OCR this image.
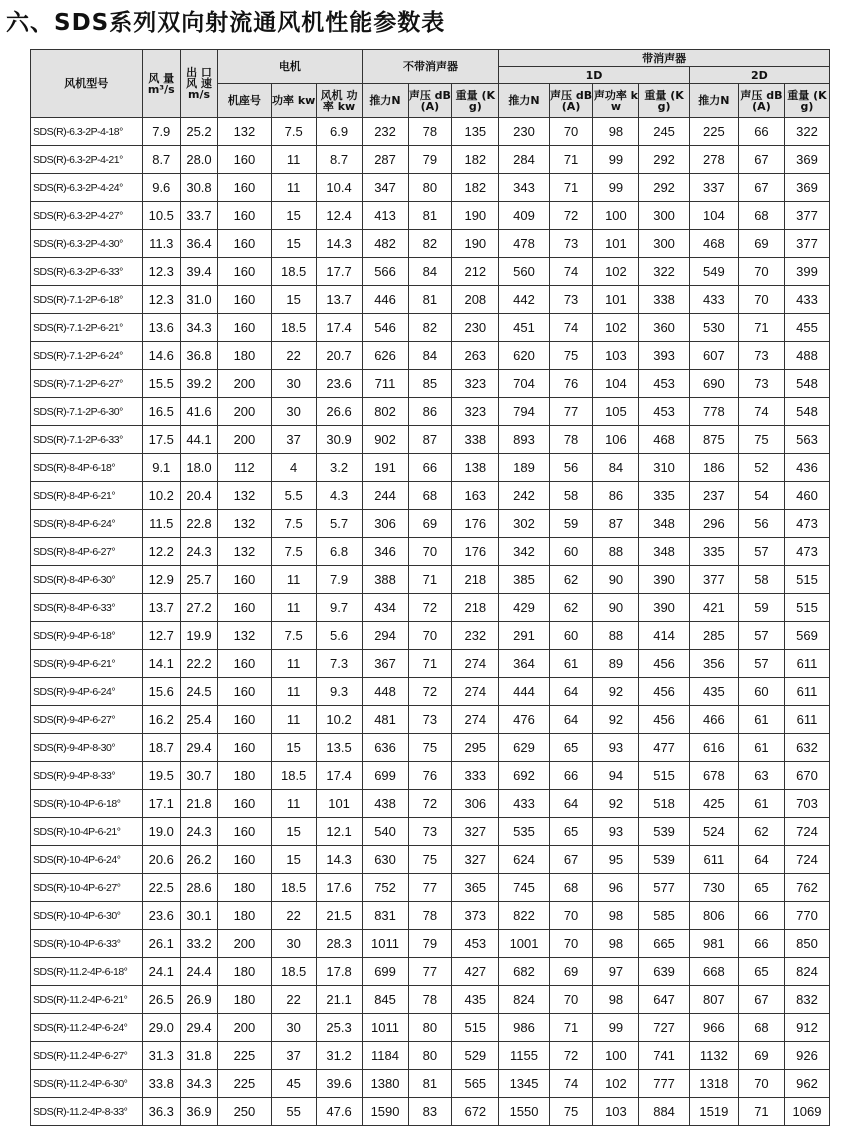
六、SDS系列双向射流通风机性能参数表
风机型号	风 量 m³/s	出 口 风 速 m/s	电机			不带消声器			带消声器						
									1D				2D		
			机座号	功率 kw	风机 功率 kw	推力N	声压 dB(A)	重量 (Kg)	推力N	声压 dB(A)	声功率 kw	重量 (Kg)	推力N	声压 dB(A)	重量 (Kg)
SDS(R)-6.3-2P-4-18°	7.9	25.2	132	7.5	6.9	232	78	135	230	70	98	245	225	66	322
SDS(R)-6.3-2P-4-21°	8.7	28.0	160	11	8.7	287	79	182	284	71	99	292	278	67	369
SDS(R)-6.3-2P-4-24°	9.6	30.8	160	11	10.4	347	80	182	343	71	99	292	337	67	369
SDS(R)-6.3-2P-4-27°	10.5	33.7	160	15	12.4	413	81	190	409	72	100	300	104	68	377
SDS(R)-6.3-2P-4-30°	11.3	36.4	160	15	14.3	482	82	190	478	73	101	300	468	69	377
SDS(R)-6.3-2P-6-33°	12.3	39.4	160	18.5	17.7	566	84	212	560	74	102	322	549	70	399
SDS(R)-7.1-2P-6-18°	12.3	31.0	160	15	13.7	446	81	208	442	73	101	338	433	70	433
SDS(R)-7.1-2P-6-21°	13.6	34.3	160	18.5	17.4	546	82	230	451	74	102	360	530	71	455
SDS(R)-7.1-2P-6-24°	14.6	36.8	180	22	20.7	626	84	263	620	75	103	393	607	73	488
SDS(R)-7.1-2P-6-27°	15.5	39.2	200	30	23.6	711	85	323	704	76	104	453	690	73	548
SDS(R)-7.1-2P-6-30°	16.5	41.6	200	30	26.6	802	86	323	794	77	105	453	778	74	548
SDS(R)-7.1-2P-6-33°	17.5	44.1	200	37	30.9	902	87	338	893	78	106	468	875	75	563
SDS(R)-8-4P-6-18°	9.1	18.0	112	4	3.2	191	66	138	189	56	84	310	186	52	436
SDS(R)-8-4P-6-21°	10.2	20.4	132	5.5	4.3	244	68	163	242	58	86	335	237	54	460
SDS(R)-8-4P-6-24°	11.5	22.8	132	7.5	5.7	306	69	176	302	59	87	348	296	56	473
SDS(R)-8-4P-6-27°	12.2	24.3	132	7.5	6.8	346	70	176	342	60	88	348	335	57	473
SDS(R)-8-4P-6-30°	12.9	25.7	160	11	7.9	388	71	218	385	62	90	390	377	58	515
SDS(R)-8-4P-6-33°	13.7	27.2	160	11	9.7	434	72	218	429	62	90	390	421	59	515
SDS(R)-9-4P-6-18°	12.7	19.9	132	7.5	5.6	294	70	232	291	60	88	414	285	57	569
SDS(R)-9-4P-6-21°	14.1	22.2	160	11	7.3	367	71	274	364	61	89	456	356	57	611
SDS(R)-9-4P-6-24°	15.6	24.5	160	11	9.3	448	72	274	444	64	92	456	435	60	611
SDS(R)-9-4P-6-27°	16.2	25.4	160	11	10.2	481	73	274	476	64	92	456	466	61	611
SDS(R)-9-4P-8-30°	18.7	29.4	160	15	13.5	636	75	295	629	65	93	477	616	61	632
SDS(R)-9-4P-8-33°	19.5	30.7	180	18.5	17.4	699	76	333	692	66	94	515	678	63	670
SDS(R)-10-4P-6-18°	17.1	21.8	160	11	101	438	72	306	433	64	92	518	425	61	703
SDS(R)-10-4P-6-21°	19.0	24.3	160	15	12.1	540	73	327	535	65	93	539	524	62	724
SDS(R)-10-4P-6-24°	20.6	26.2	160	15	14.3	630	75	327	624	67	95	539	611	64	724
SDS(R)-10-4P-6-27°	22.5	28.6	180	18.5	17.6	752	77	365	745	68	96	577	730	65	762
SDS(R)-10-4P-6-30°	23.6	30.1	180	22	21.5	831	78	373	822	70	98	585	806	66	770
SDS(R)-10-4P-6-33°	26.1	33.2	200	30	28.3	1011	79	453	1001	70	98	665	981	66	850
SDS(R)-11.2-4P-6-18°	24.1	24.4	180	18.5	17.8	699	77	427	682	69	97	639	668	65	824
SDS(R)-11.2-4P-6-21°	26.5	26.9	180	22	21.1	845	78	435	824	70	98	647	807	67	832
SDS(R)-11.2-4P-6-24°	29.0	29.4	200	30	25.3	1011	80	515	986	71	99	727	966	68	912
SDS(R)-11.2-4P-6-27°	31.3	31.8	225	37	31.2	1184	80	529	1155	72	100	741	1132	69	926
SDS(R)-11.2-4P-6-30°	33.8	34.3	225	45	39.6	1380	81	565	1345	74	102	777	1318	70	962
SDS(R)-11.2-4P-8-33°	36.3	36.9	250	55	47.6	1590	83	672	1550	75	103	884	1519	71	1069
